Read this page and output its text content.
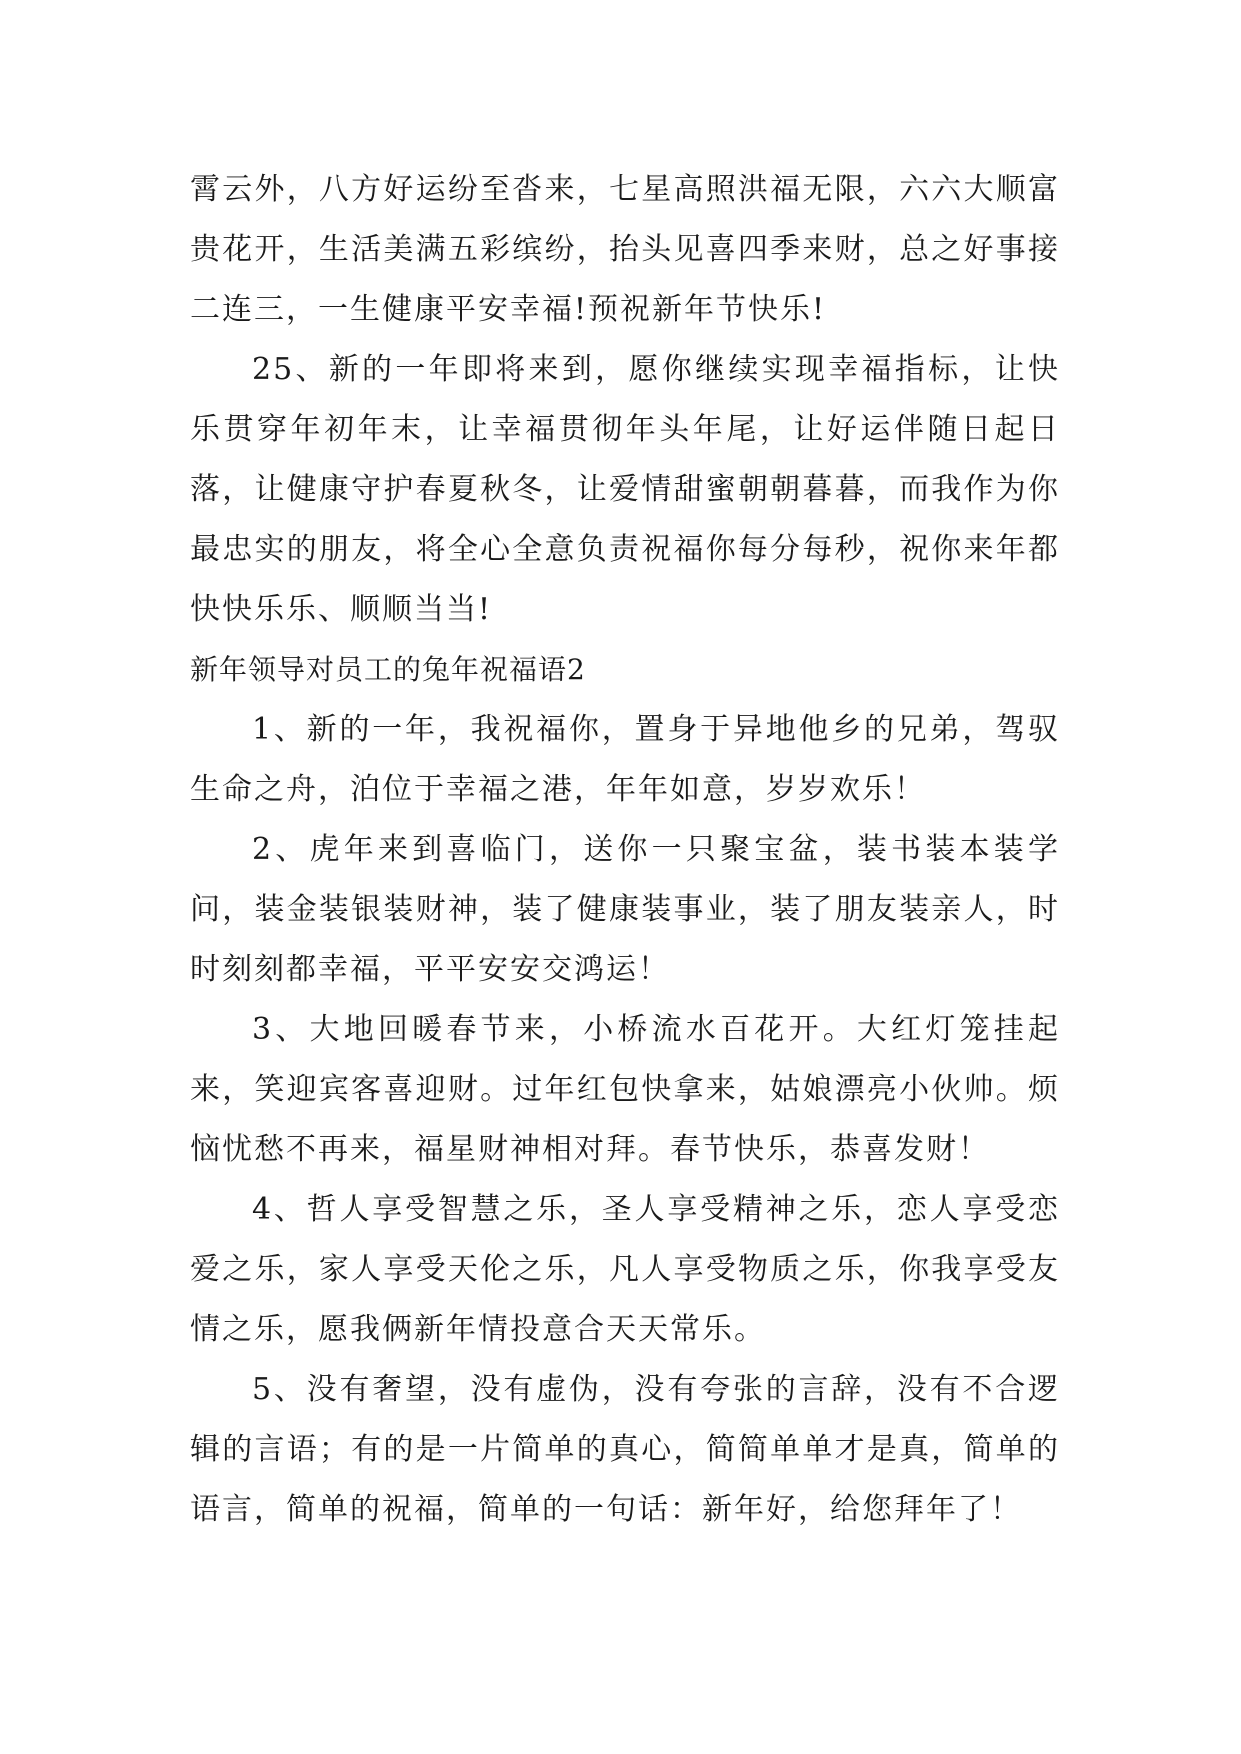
霄云外，八方好运纷至沓来，七星高照洪福无限，六六大顺富贵花开，生活美满五彩缤纷，抬头见喜四季来财，总之好事接二连三，一生健康平安幸福!预祝新年节快乐!

25、新的一年即将来到，愿你继续实现幸福指标，让快乐贯穿年初年末，让幸福贯彻年头年尾，让好运伴随日起日落，让健康守护春夏秋冬，让爱情甜蜜朝朝暮暮，而我作为你最忠实的朋友，将全心全意负责祝福你每分每秒，祝你来年都快快乐乐、顺顺当当!

新年领导对员工的兔年祝福语2

1、新的一年，我祝福你，置身于异地他乡的兄弟，驾驭生命之舟，泊位于幸福之港，年年如意，岁岁欢乐！

2、虎年来到喜临门，送你一只聚宝盆，装书装本装学问，装金装银装财神，装了健康装事业，装了朋友装亲人，时时刻刻都幸福，平平安安交鸿运！

3、大地回暖春节来，小桥流水百花开。大红灯笼挂起来，笑迎宾客喜迎财。过年红包快拿来，姑娘漂亮小伙帅。烦恼忧愁不再来，福星财神相对拜。春节快乐，恭喜发财！

4、哲人享受智慧之乐，圣人享受精神之乐，恋人享受恋爱之乐，家人享受天伦之乐，凡人享受物质之乐，你我享受友情之乐，愿我俩新年情投意合天天常乐。

5、没有奢望，没有虚伪，没有夸张的言辞，没有不合逻辑的言语；有的是一片简单的真心，简简单单才是真，简单的语言，简单的祝福，简单的一句话：新年好，给您拜年了！
